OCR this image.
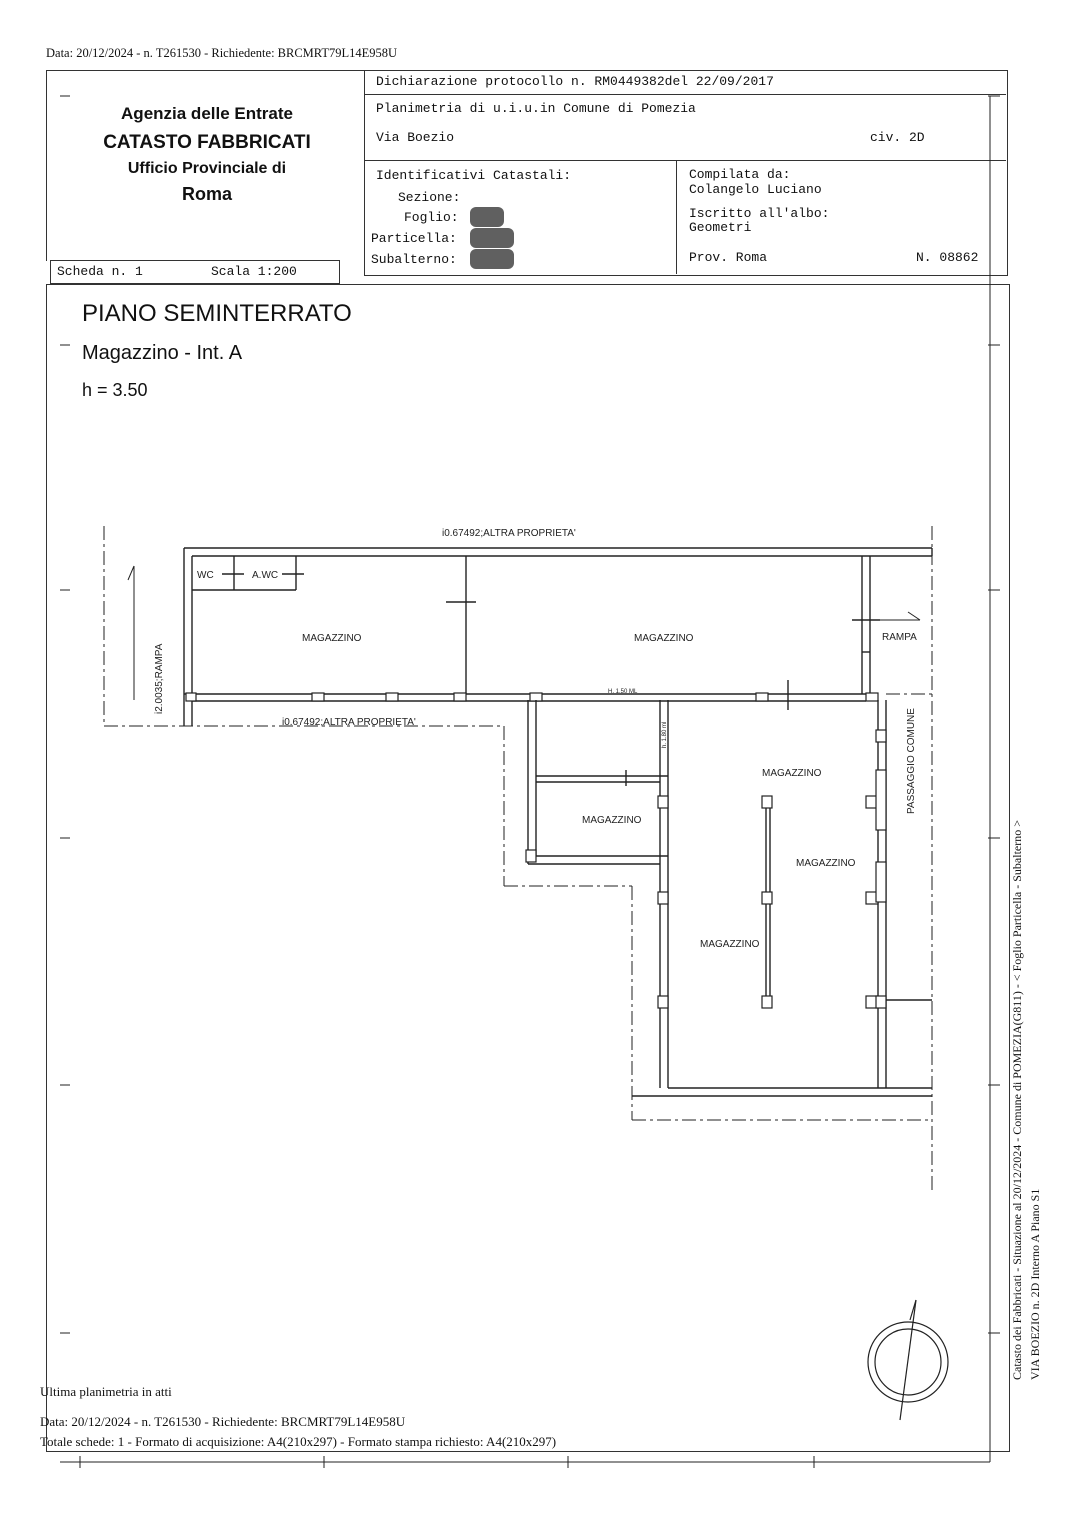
Data: 20/12/2024 - n. T261530 - Richiedente: BRCMRT79L14E958U
Agenzia delle Entrate
CATASTO FABBRICATI
Ufficio Provinciale di
Roma
Dichiarazione protocollo n. RM0449382del 22/09/2017
Planimetria di u.i.u.in Comune di Pomezia
Via Boezio	civ. 2D
Identificativi Catastali:
Sezione:
Foglio:
Particella:
Subalterno:
Compilata da:
Colangelo Luciano
Iscritto all'albo:
Geometri
Prov. Roma	N. 08862
Scheda n. 1	Scala 1:200
PIANO SEMINTERRATO
Magazzino - Int. A
h = 3.50
i0.67492;ALTRA PROPRIETA'
i0.67492;ALTRA PROPRIETA'
i2.0035;RAMPA
WC	A.WC
MAGAZZINO	MAGAZZINO	RAMPA
H. 1.50 ML
h. 1.80 ml
MAGAZZINO
MAGAZZINO
MAGAZZINO
MAGAZZINO
PASSAGGIO COMUNE
Ultima planimetria in atti
Data: 20/12/2024 - n. T261530 - Richiedente: BRCMRT79L14E958U
Totale schede: 1 - Formato di acquisizione: A4(210x297) - Formato stampa richiesto: A4(210x297)
Catasto dei Fabbricati - Situazione al 20/12/2024 - Comune di POMEZIA(G811) - < Foglio Particella - Subalterno > VIA BOEZIO n. 2D Interno A Piano S1
